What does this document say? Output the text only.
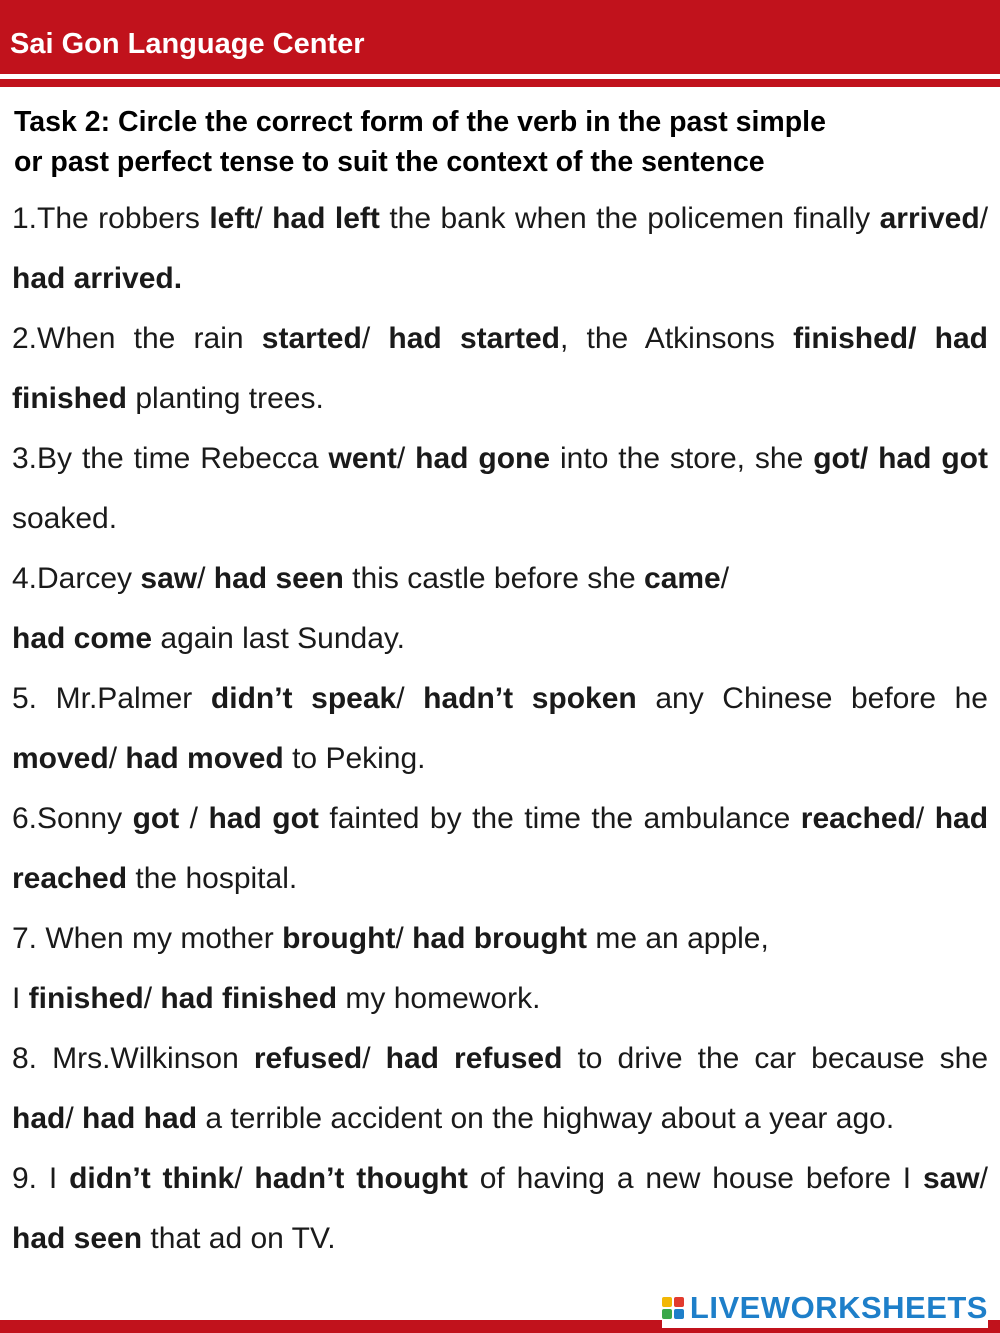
Sai Gon Language Center
Task 2: Circle the correct form of the verb in the past simple
or past perfect tense to suit the context of the sentence

1.The robbers left/ had left the bank when the policemen finally arrived/ had arrived.

2.When the rain started/ had started, the Atkinsons finished/ had finished planting trees.

3.By the time Rebecca went/ had gone into the store, she got/ had got soaked.

4.Darcey saw/ had seen this castle before she came/
had come again last Sunday.

5. Mr.Palmer didn’t speak/ hadn’t spoken any Chinese before he moved/ had moved to Peking.

6.Sonny got / had got fainted by the time the ambulance reached/ had reached the hospital.

7. When my mother brought/ had brought me an apple,
I finished/ had finished my homework.

8. Mrs.Wilkinson refused/ had refused to drive the car because she had/ had had a terrible accident on the highway about a year ago.

9. I didn’t think/ hadn’t thought of having a new house before I saw/ had seen that ad on TV.

LIVEWORKSHEETS
